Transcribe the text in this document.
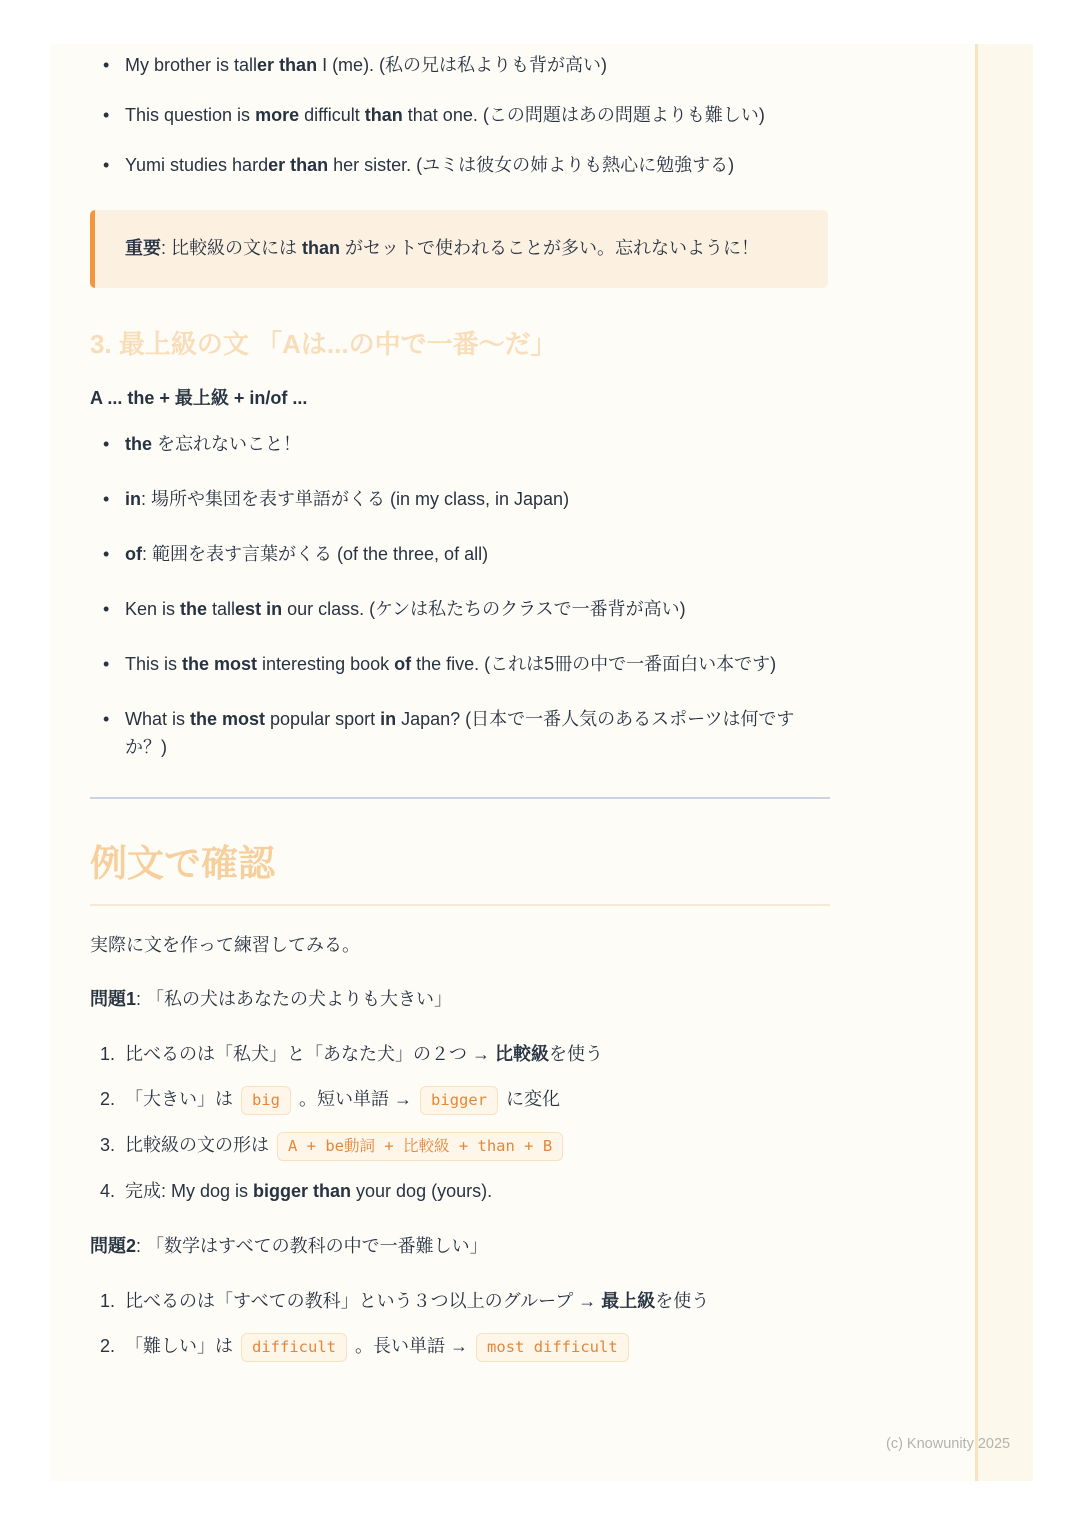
• My brother is taller than I (me). (私の兄は私よりも背が高い)
• This question is more difficult than that one. (この問題はあの問題よりも難しい)
• Yumi studies harder than her sister. (ユミは彼女の姉よりも熱心に勉強する)
重要: 比較級の文には than がセットで使われることが多い。忘れないように！
3. 最上級の文 「Aは...の中で一番〜だ」

A ... the + 最上級 + in/of ...

• the を忘れないこと！
• in: 場所や集団を表す単語がくる (in my class, in Japan)
• of: 範囲を表す言葉がくる (of the three, of all)
• Ken is the tallest in our class. (ケンは私たちのクラスで一番背が高い)
• This is the most interesting book of the five. (これは5冊の中で一番面白い本です)
• What is the most popular sport in Japan? (日本で一番人気のあるスポーツは何ですか？)
例文で確認

実際に文を作って練習してみる。

問題1: 「私の犬はあなたの犬よりも大きい」

比べるのは「私犬」と「あなた犬」の２つ → 比較級を使う
「大きい」は big 。短い単語 → bigger に変化
比較級の文の形は A + be動詞 + 比較級 + than + B
完成: My dog is bigger than your dog (yours).

問題2: 「数学はすべての教科の中で一番難しい」

比べるのは「すべての教科」という３つ以上のグループ → 最上級を使う
「難しい」は difficult 。長い単語 → most difficult
(c) Knowunity 2025
